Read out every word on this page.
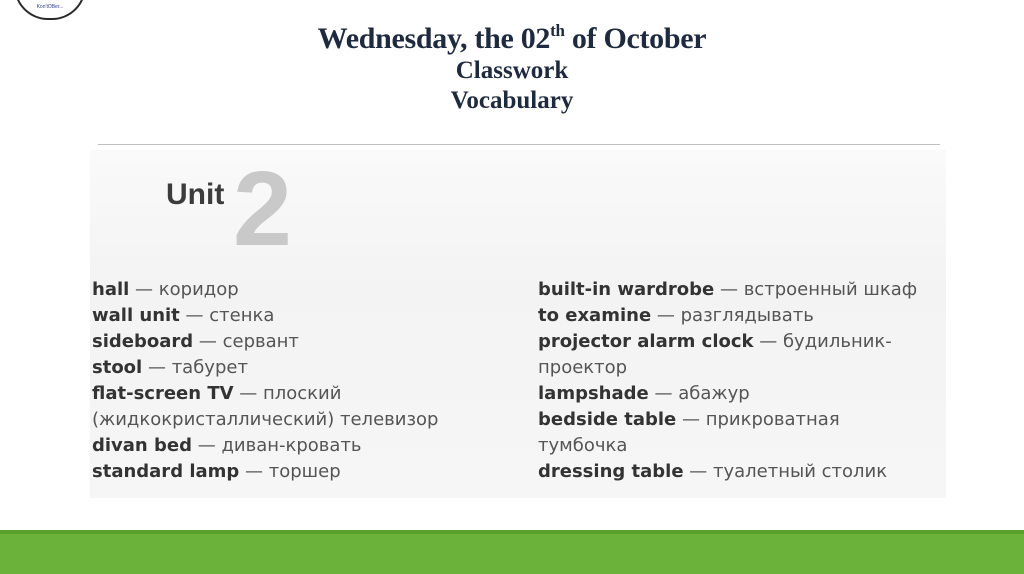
Kon'tOBer...
Wednesday, the 02th of October
Classwork
Vocabulary
2
Unit
hall — коридор
wall unit — стенка
sideboard — сервант
stool — табурет
flat-screen TV — плоский
(жидкокристаллический) телевизор
divan bed — диван-кровать
standard lamp — торшер
built-in wardrobe — встроенный шкаф
to examine — разглядывать
projector alarm clock — будильник-
проектор
lampshade — абажур
bedside table — прикроватная
тумбочка
dressing table — туалетный столик
